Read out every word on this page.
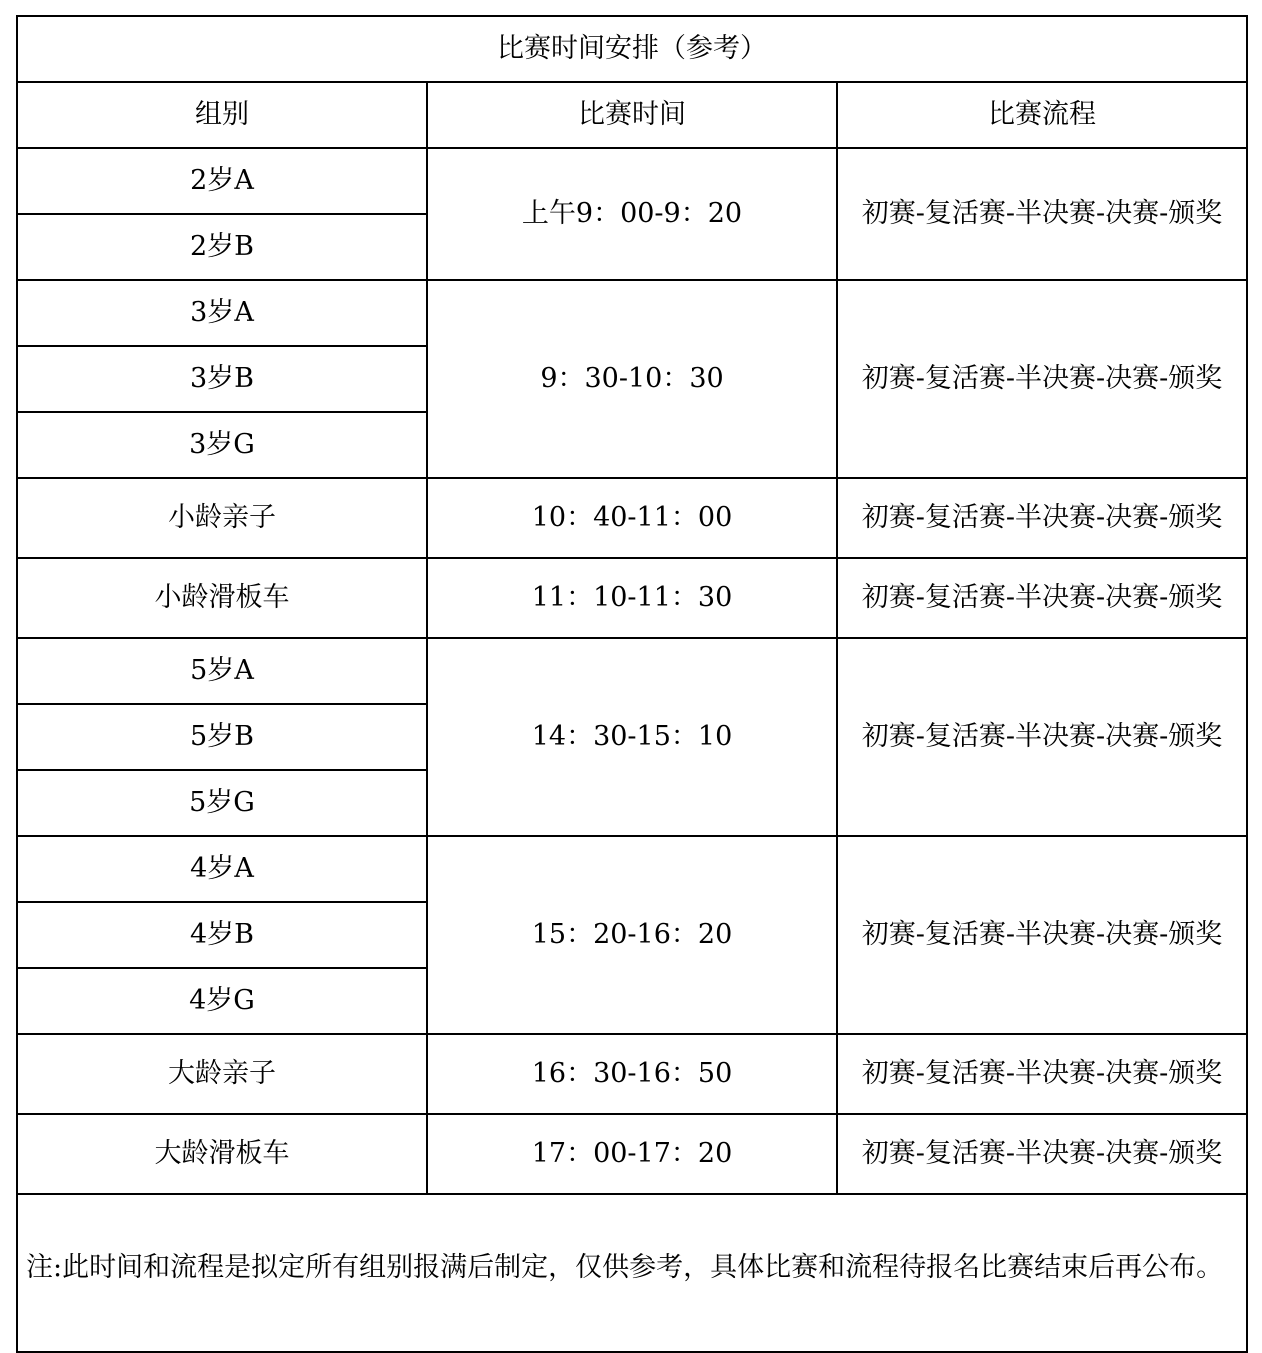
比赛时间安排（参考）		
组别	比赛时间	比赛流程
2岁A	上午9：00-9：20	初赛-复活赛-半决赛-决赛-颁奖
2岁B		
3岁A	9：30-10：30	初赛-复活赛-半决赛-决赛-颁奖
3岁B		
3岁G		
小龄亲子	10：40-11：00	初赛-复活赛-半决赛-决赛-颁奖
小龄滑板车	11：10-11：30	初赛-复活赛-半决赛-决赛-颁奖
5岁A	14：30-15：10	初赛-复活赛-半决赛-决赛-颁奖
5岁B		
5岁G		
4岁A	15：20-16：20	初赛-复活赛-半决赛-决赛-颁奖
4岁B		
4岁G		
大龄亲子	16：30-16：50	初赛-复活赛-半决赛-决赛-颁奖
大龄滑板车	17：00-17：20	初赛-复活赛-半决赛-决赛-颁奖
注:此时间和流程是拟定所有组别报满后制定，仅供参考，具体比赛和流程待报名比赛结束后再公布。		
